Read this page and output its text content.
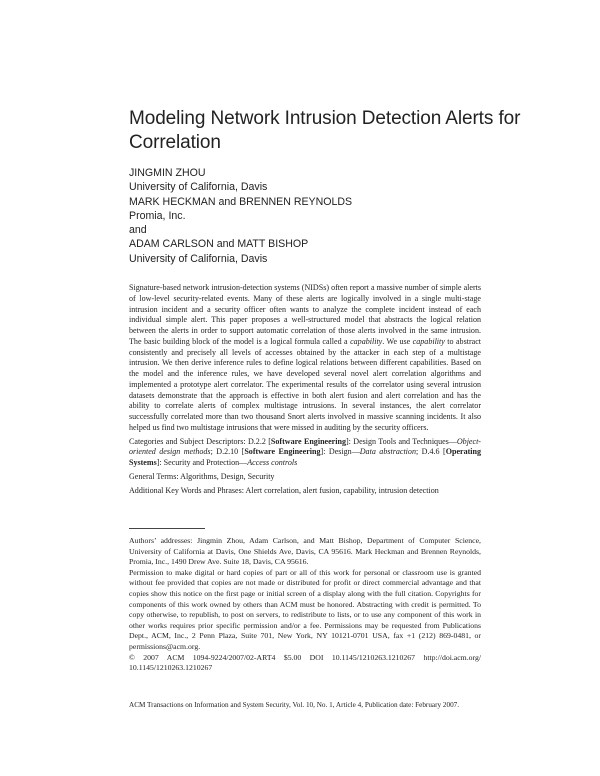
Modeling Network Intrusion Detection Alerts for Correlation
JINGMIN ZHOU
University of California, Davis
MARK HECKMAN and BRENNEN REYNOLDS
Promia, Inc.
and
ADAM CARLSON and MATT BISHOP
University of California, Davis

Signature-based network intrusion-detection systems (NIDSs) often report a massive number of simple alerts of low-level security-related events. Many of these alerts are logically involved in a single multi-stage intrusion incident and a security officer often wants to analyze the complete incident instead of each individual simple alert. This paper proposes a well-structured model that abstracts the logical relation between the alerts in order to support automatic correlation of those alerts involved in the same intrusion. The basic building block of the model is a logical formula called a capability. We use capability to abstract consistently and precisely all levels of accesses obtained by the attacker in each step of a multistage intrusion. We then derive inference rules to define logical relations between different capabilities. Based on the model and the inference rules, we have developed several novel alert correlation algorithms and implemented a prototype alert correlator. The experimental results of the correlator using several intrusion datasets demonstrate that the approach is effective in both alert fusion and alert correlation and has the ability to correlate alerts of complex multistage intrusions. In several instances, the alert correlator successfully correlated more than two thousand Snort alerts involved in massive scanning incidents. It also helped us find two multistage intrusions that were missed in auditing by the security officers.

Categories and Subject Descriptors: D.2.2 [Software Engineering]: Design Tools and Techniques—Object-oriented design methods; D.2.10 [Software Engineering]: Design—Data abstraction; D.4.6 [Operating Systems]: Security and Protection—Access controls

General Terms: Algorithms, Design, Security

Additional Key Words and Phrases: Alert correlation, alert fusion, capability, intrusion detection

Authors’ addresses: Jingmin Zhou, Adam Carlson, and Matt Bishop, Department of Computer Science, University of California at Davis, One Shields Ave, Davis, CA 95616. Mark Heckman and Brennen Reynolds, Promia, Inc., 1490 Drew Ave. Suite 18, Davis, CA 95616.

Permission to make digital or hard copies of part or all of this work for personal or classroom use is granted without fee provided that copies are not made or distributed for profit or direct commercial advantage and that copies show this notice on the first page or initial screen of a display along with the full citation. Copyrights for components of this work owned by others than ACM must be honored. Abstracting with credit is permitted. To copy otherwise, to republish, to post on servers, to redistribute to lists, or to use any component of this work in other works requires prior specific permission and/or a fee. Permissions may be requested from Publications Dept., ACM, Inc., 2 Penn Plaza, Suite 701, New York, NY 10121-0701 USA, fax +1 (212) 869-0481, or permissions@acm.org.

© 2007 ACM 1094-9224/2007/02-ART4 $5.00 DOI 10.1145/1210263.1210267 http://doi.acm.org/ 10.1145/1210263.1210267

ACM Transactions on Information and System Security, Vol. 10, No. 1, Article 4, Publication date: February 2007.
